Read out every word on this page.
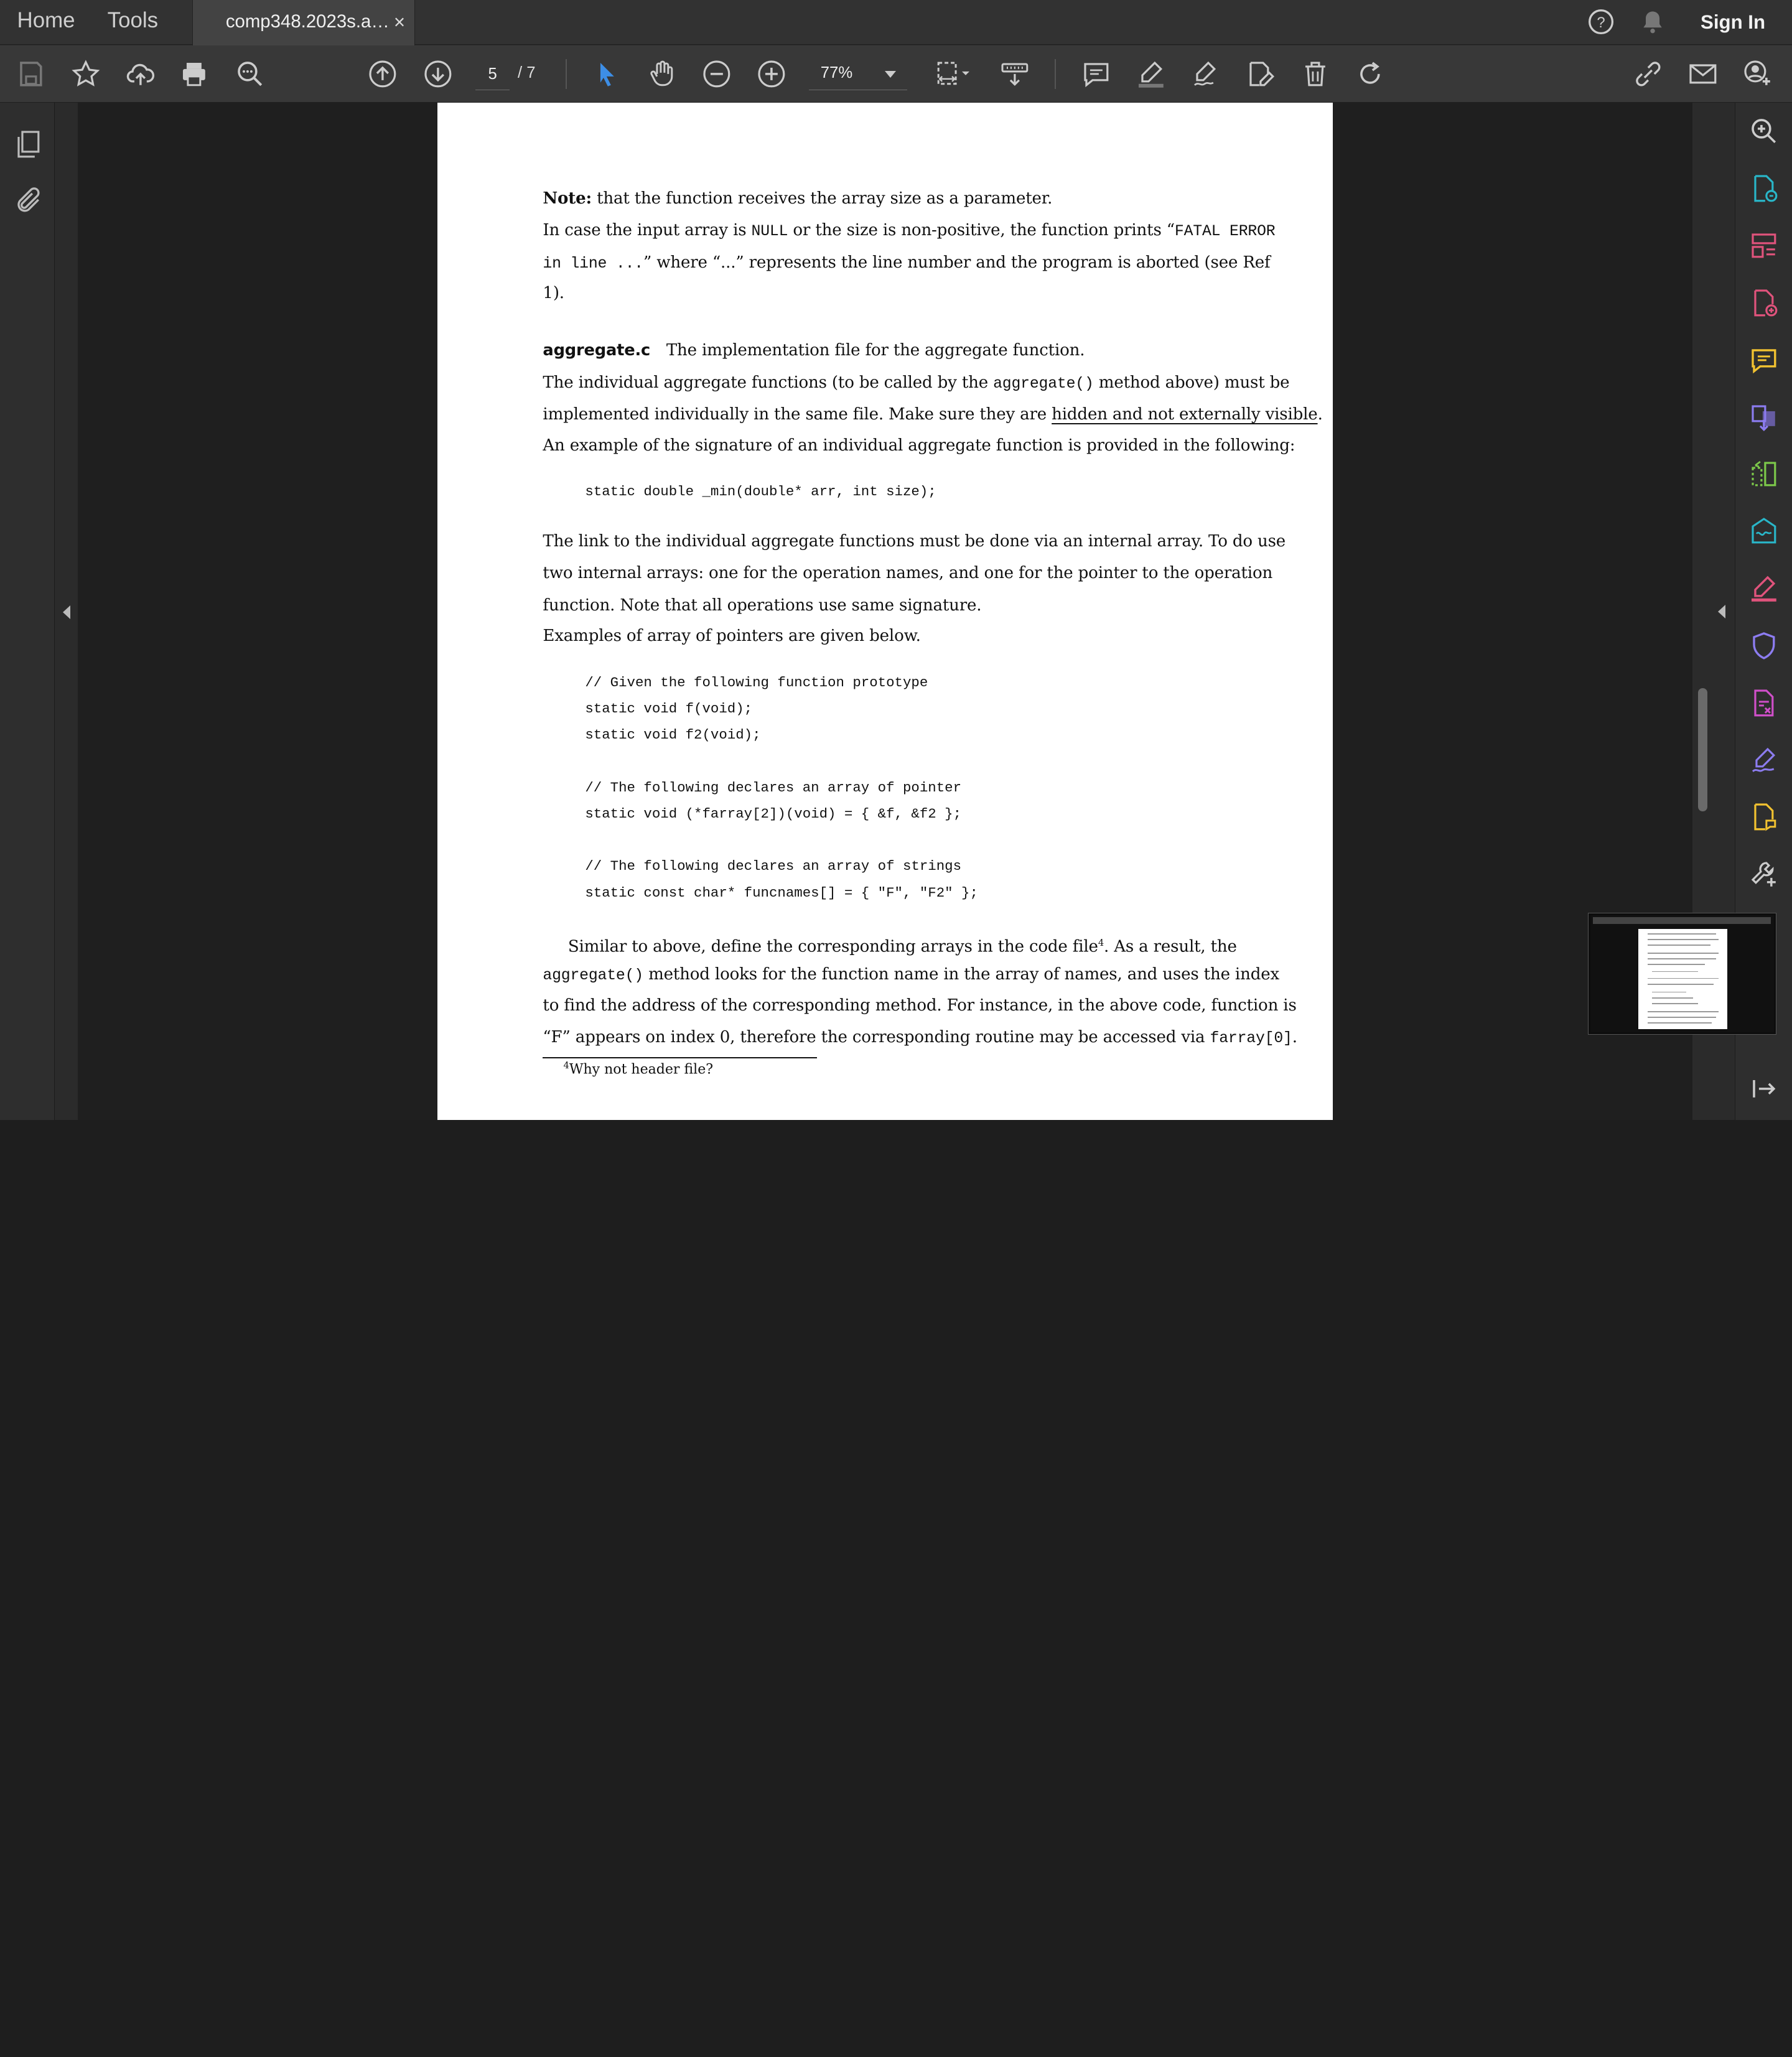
Home	Tools	comp348.2023s.a… ×	?	Sign In
5	/ 7	77%
Note: that the function receives the array size as a parameter.
In case the input array is NULL or the size is non-positive, the function prints “FATAL ERROR
in line ...” where “...” represents the line number and the program is aborted (see Ref
1).
aggregate.c The implementation file for the aggregate function.
The individual aggregate functions (to be called by the aggregate() method above) must be
implemented individually in the same file. Make sure they are hidden and not externally visible.
An example of the signature of an individual aggregate function is provided in the following:
static double _min(double* arr, int size);
The link to the individual aggregate functions must be done via an internal array. To do use
two internal arrays: one for the operation names, and one for the pointer to the operation
function. Note that all operations use same signature.
Examples of array of pointers are given below.
// Given the following function prototype
static void f(void);
static void f2(void);
// The following declares an array of pointer
static void (*farray[2])(void) = { &f, &f2 };
// The following declares an array of strings
static const char* funcnames[] = { "F", "F2" };
Similar to above, define the corresponding arrays in the code file$^4$. As a result, the
aggregate() method looks for the function name in the array of names, and uses the index
to find the address of the corresponding method. For instance, in the above code, function is
“F” appears on index 0, therefore the corresponding routine may be accessed via farray[0].
$^4$Why not header file?
